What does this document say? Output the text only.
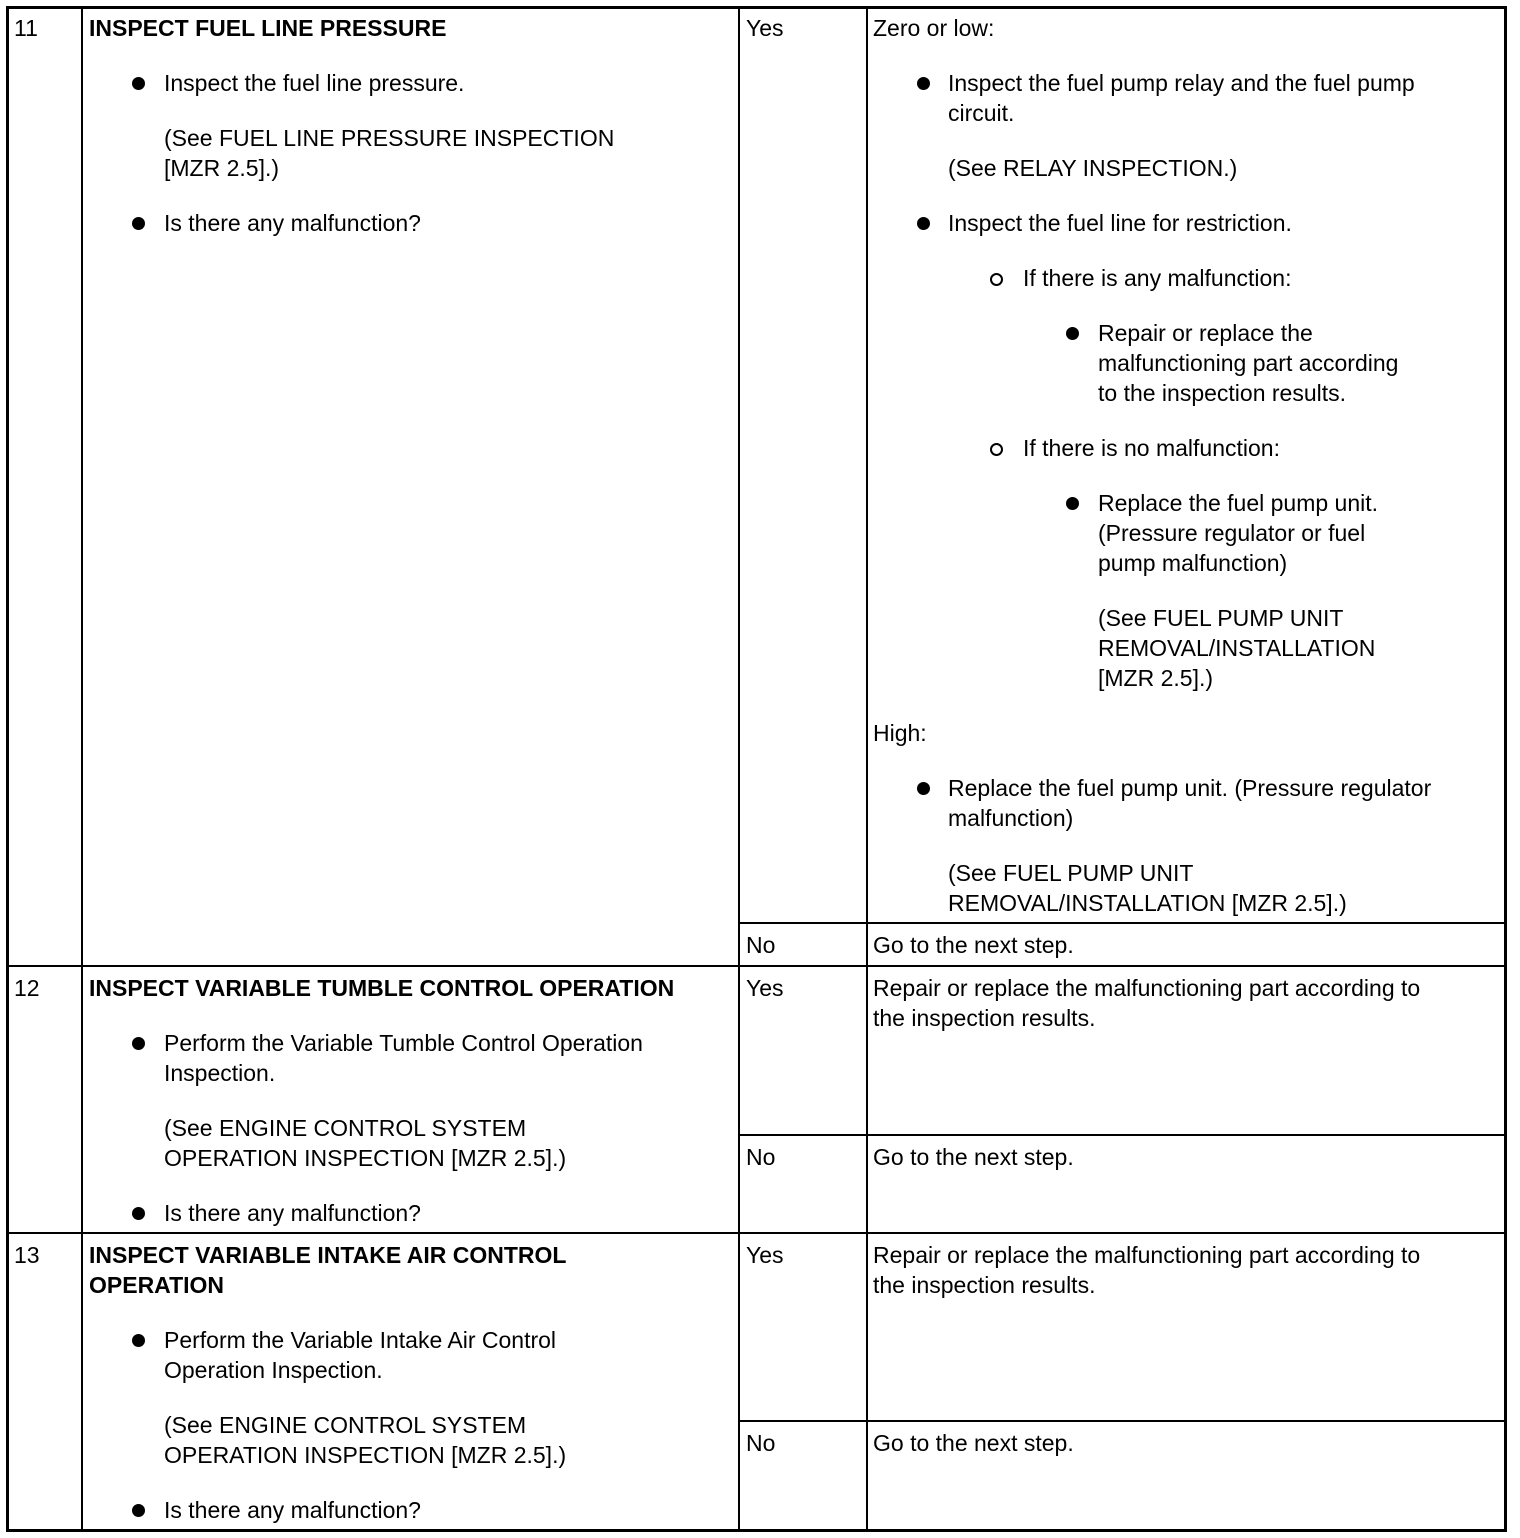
11 INSPECT FUEL LINE PRESSURE
Inspect the fuel line pressure.
(See FUEL LINE PRESSURE INSPECTION
[MZR 2.5].)
Is there any malfunction?
Yes	Zero or low:
Inspect the fuel pump relay and the fuel pump
circuit.
(See RELAY INSPECTION.)
Inspect the fuel line for restriction.
If there is any malfunction:
Repair or replace the
malfunctioning part according
to the inspection results.
If there is no malfunction:
Replace the fuel pump unit.
(Pressure regulator or fuel
pump malfunction)
(See FUEL PUMP UNIT
REMOVAL/INSTALLATION
[MZR 2.5].)
High:
Replace the fuel pump unit. (Pressure regulator
malfunction)
(See FUEL PUMP UNIT
REMOVAL/INSTALLATION [MZR 2.5].)
No	Go to the next step.
12 INSPECT VARIABLE TUMBLE CONTROL OPERATION
Perform the Variable Tumble Control Operation
Inspection.
(See ENGINE CONTROL SYSTEM
OPERATION INSPECTION [MZR 2.5].)
Is there any malfunction?
Yes	Repair or replace the malfunctioning part according to
the inspection results.
No	Go to the next step.
13 INSPECT VARIABLE INTAKE AIR CONTROL
OPERATION
Perform the Variable Intake Air Control
Operation Inspection.
(See ENGINE CONTROL SYSTEM
OPERATION INSPECTION [MZR 2.5].)
Is there any malfunction?
Yes	Repair or replace the malfunctioning part according to
the inspection results.
No	Go to the next step.
